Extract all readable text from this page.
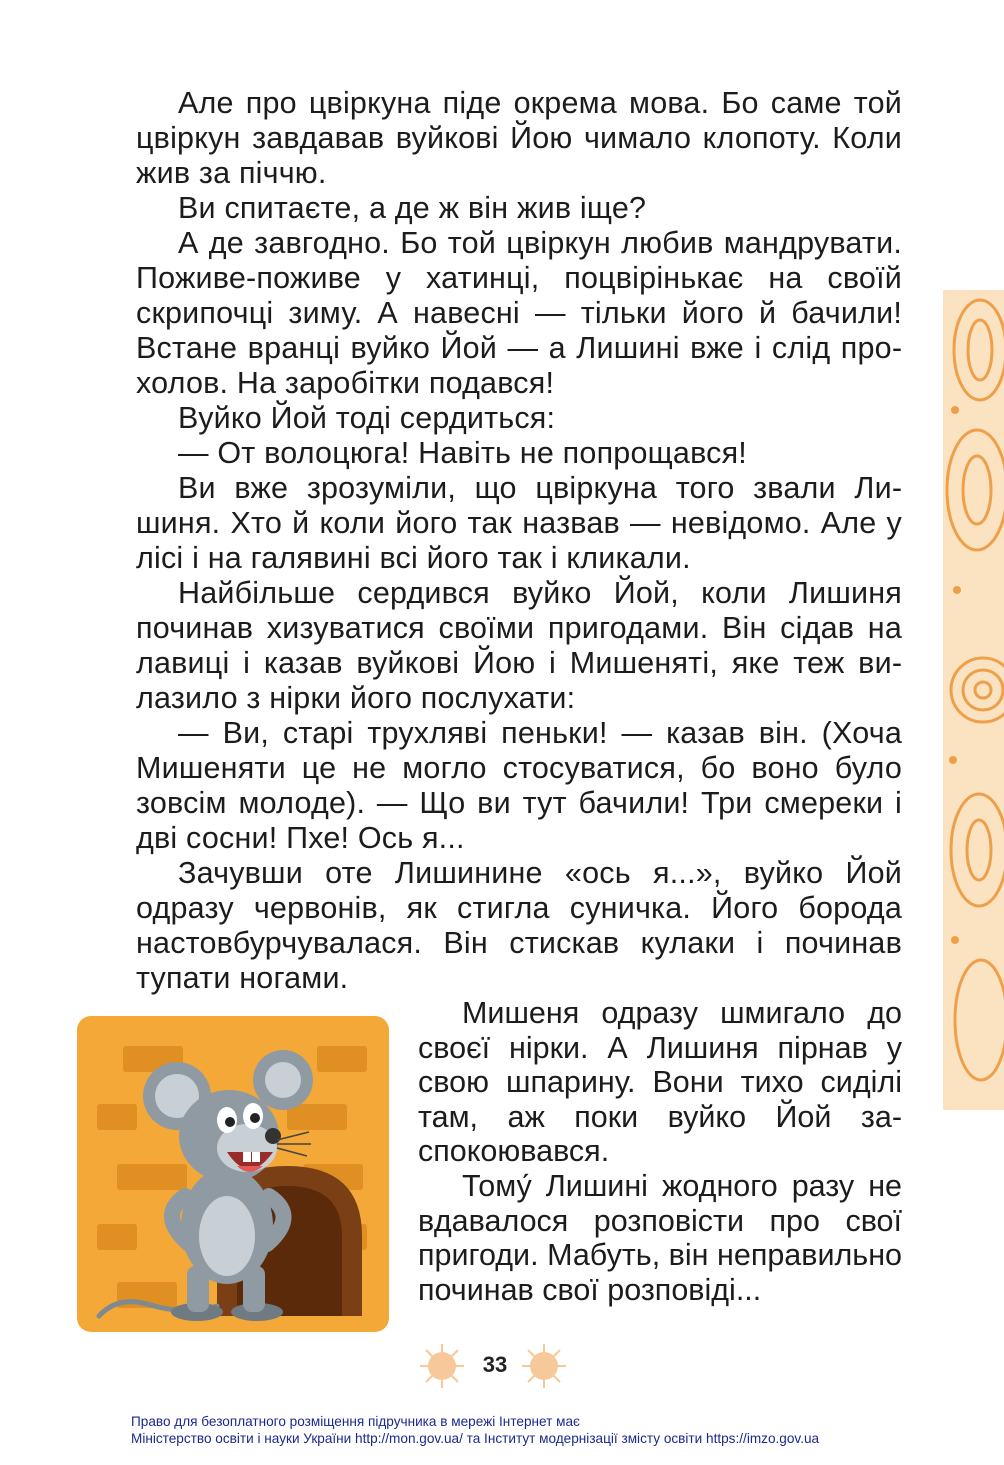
Але про цвіркуна піде окрема мова. Бо саме той цвіркун завдавав вуйкові Йою чимало клопоту. Коли жив за піччю.

Ви спитаєте, а де ж він жив іще?

А де завгодно. Бо той цвіркун любив мандрувати. Поживе-поживе у хатинці, поцвірінькає на своїй скрипочці зиму. А навесні — тільки його й бачили! Встане вранці вуйко Йой — а Лишині вже і слід прохолов. На заробітки подався!

Вуйко Йой тоді сердиться:

— От волоцюга! Навіть не попрощався!

Ви вже зрозуміли, що цвіркуна того звали Лишиня. Хто й коли його так назвав — невідомо. Але у лісі і на галявині всі його так і кликали.

Найбільше сердився вуйко Йой, коли Лишиня починав хизуватися своїми пригодами. Він сідав на лавиці і казав вуйкові Йою і Мишеняті, яке теж вилазило з нірки його послухати:

— Ви, старі трухляві пеньки! — казав він. (Хоча Мишеняти це не могло стосуватися, бо воно було зовсім молоде). — Що ви тут бачили! Три смереки і дві сосни! Пхе! Ось я...

Зачувши оте Лишинине «ось я...», вуйко Йой одразу червонів, як стигла суничка. Його борода настовбурчувалася. Він стискав кулаки і починав тупати ногами.

Мишеня одразу шмигало до своєї нірки. А Лишиня пірнав у свою шпарину. Вони тихо сиділі там, аж поки вуйко Йой заспокоювався.

Тому́ Лишині жодного разу не вдавалося розповісти про свої пригоди. Мабуть, він неправильно починав свої розповіді...

33
Право для безоплатного розміщення підручника в мережі Інтернет має
Міністерство освіти і науки України http://mon.gov.ua/ та Інститут модернізації змісту освіти https://imzo.gov.ua
